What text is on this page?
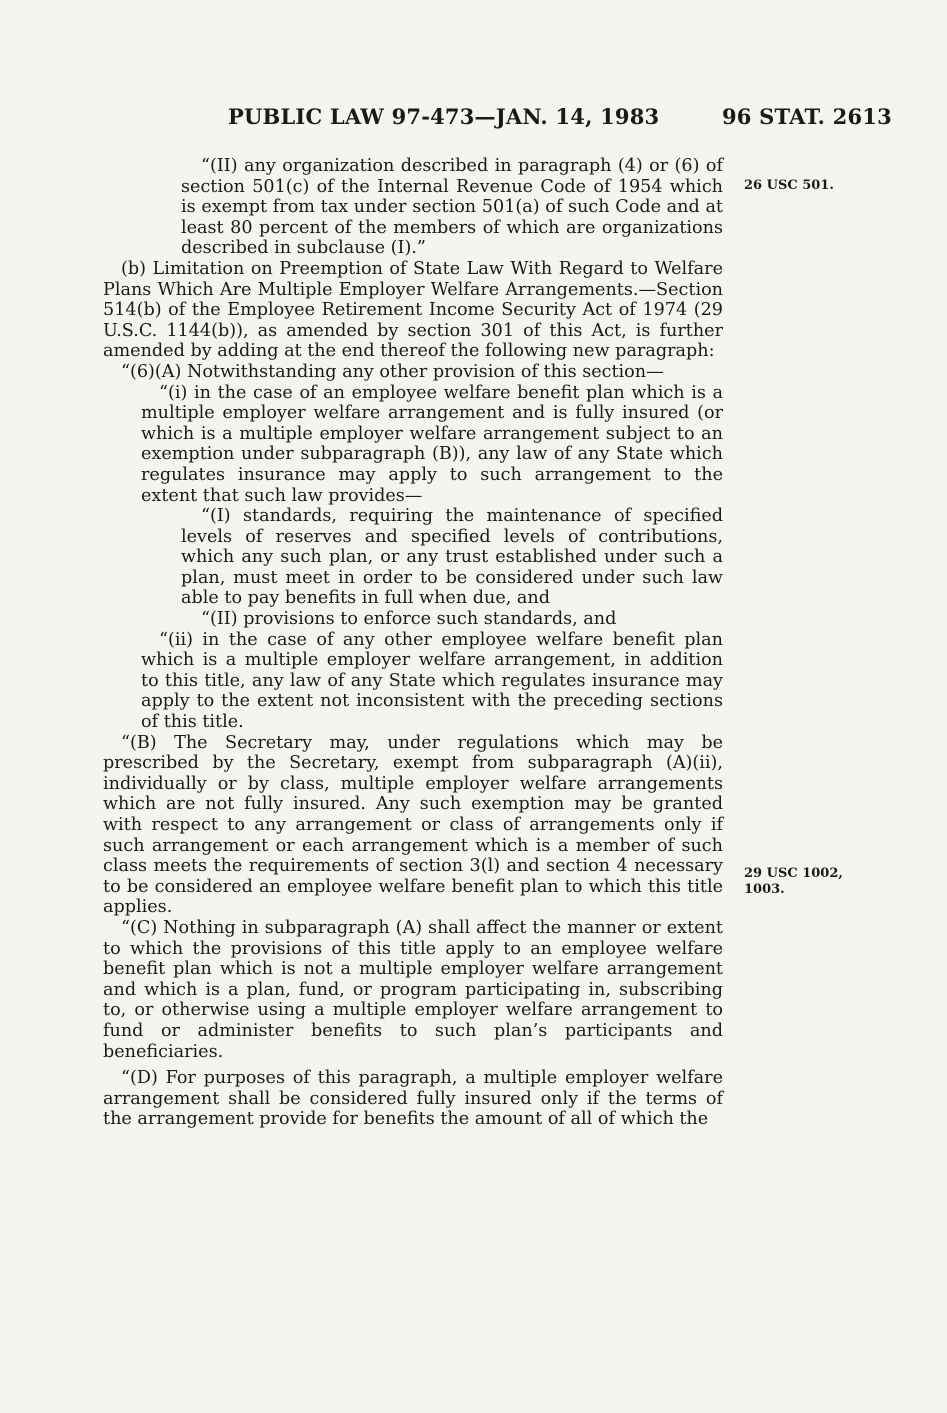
PUBLIC LAW 97-473—JAN. 14, 1983	96 STAT. 2613

“(II) any organization described in paragraph (4) or (6) of section 501(c) of the Internal Revenue Code of 1954 which is exempt from tax under section 501(a) of such Code and at least 80 percent of the members of which are organizations described in subclause (I).”

(b) Limitation on Preemption of State Law With Regard to Welfare Plans Which Are Multiple Employer Welfare Arrangements.—Section 514(b) of the Employee Retirement Income Security Act of 1974 (29 U.S.C. 1144(b)), as amended by section 301 of this Act, is further amended by adding at the end thereof the following new paragraph:

“(6)(A) Notwithstanding any other provision of this section—

“(i) in the case of an employee welfare benefit plan which is a multiple employer welfare arrangement and is fully insured (or which is a multiple employer welfare arrangement subject to an exemption under subparagraph (B)), any law of any State which regulates insurance may apply to such arrangement to the extent that such law provides—

“(I) standards, requiring the maintenance of specified levels of reserves and specified levels of contributions, which any such plan, or any trust established under such a plan, must meet in order to be considered under such law able to pay benefits in full when due, and

“(II) provisions to enforce such standards, and

“(ii) in the case of any other employee welfare benefit plan which is a multiple employer welfare arrangement, in addition to this title, any law of any State which regulates insurance may apply to the extent not inconsistent with the preceding sections of this title.

“(B) The Secretary may, under regulations which may be prescribed by the Secretary, exempt from subparagraph (A)(ii), individually or by class, multiple employer welfare arrangements which are not fully insured. Any such exemption may be granted with respect to any arrangement or class of arrangements only if such arrangement or each arrangement which is a member of such class meets the requirements of section 3(l) and section 4 necessary to be considered an employee welfare benefit plan to which this title applies.

“(C) Nothing in subparagraph (A) shall affect the manner or extent to which the provisions of this title apply to an employee welfare benefit plan which is not a multiple employer welfare arrangement and which is a plan, fund, or program participating in, subscribing to, or otherwise using a multiple employer welfare arrangement to fund or administer benefits to such plan’s participants and beneficiaries.

“(D) For purposes of this paragraph, a multiple employer welfare arrangement shall be considered fully insured only if the terms of the arrangement provide for benefits the amount of all of which the

26 USC 501.
29 USC 1002, 1003.
